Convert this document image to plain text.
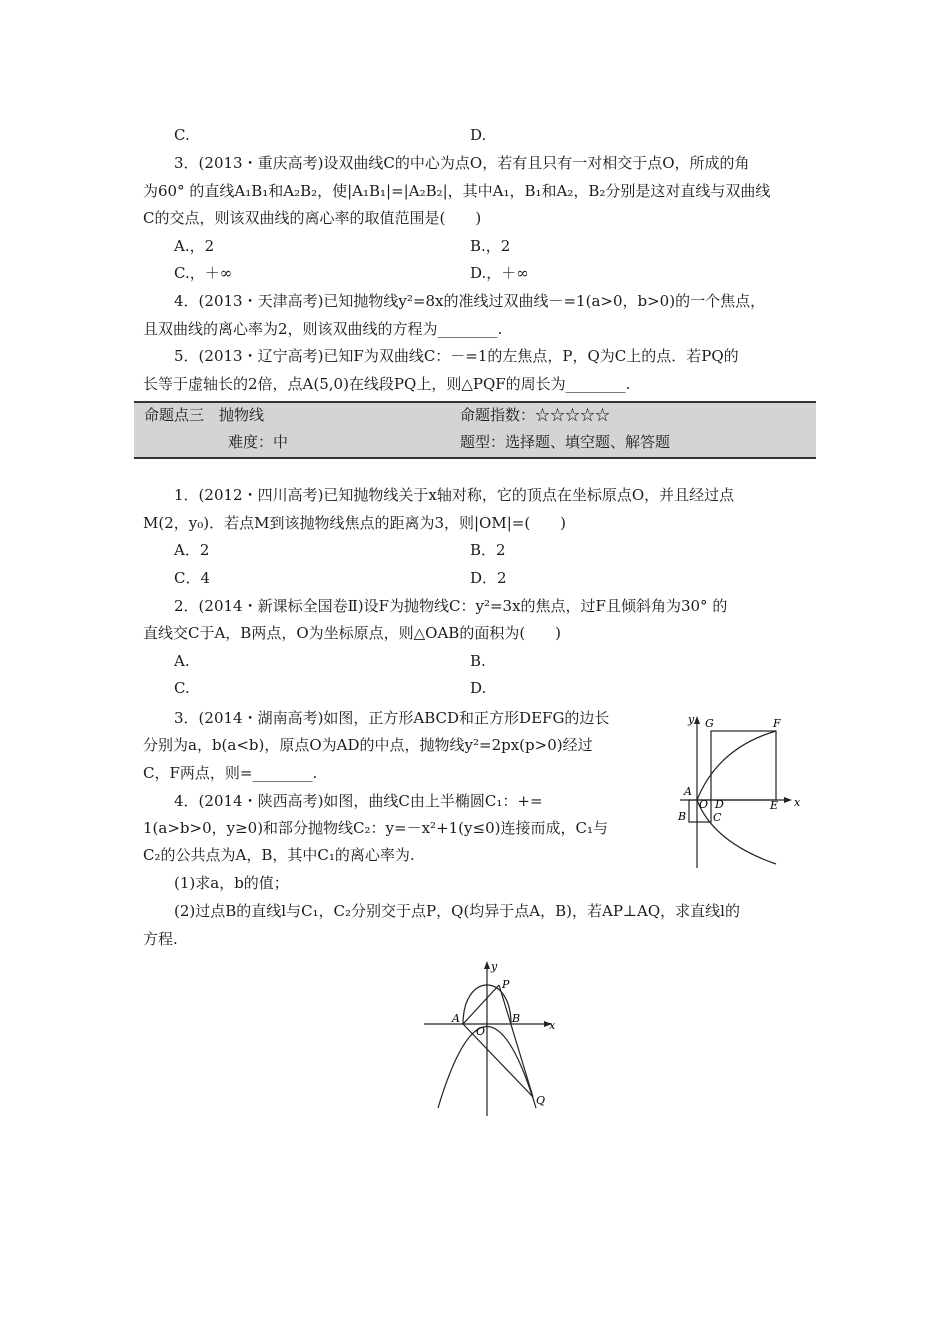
C.	D.
3．(2013・重庆高考)设双曲线C的中心为点O，若有且只有一对相交于点O，所成的角
为60° 的直线A₁B₁和A₂B₂，使|A₁B₁|=|A₂B₂|，其中A₁，B₁和A₂，B₂分别是这对直线与双曲线
C的交点，则该双曲线的离心率的取值范围是(　　)
A.，2	B.，2
C.，＋∞	D.，＋∞
4．(2013・天津高考)已知抛物线y²=8x的准线过双曲线－=1(a>0，b>0)的一个焦点，
且双曲线的离心率为2，则该双曲线的方程为________.
5．(2013・辽宁高考)已知F为双曲线C：－=1的左焦点，P，Q为C上的点．若PQ的
长等于虚轴长的2倍，点A(5,0)在线段PQ上，则△PQF的周长为________.
命题点三　抛物线	命题指数：☆☆☆☆☆
难度：中	题型：选择题、填空题、解答题
1．(2012・四川高考)已知抛物线关于x轴对称，它的顶点在坐标原点O，并且经过点
M(2，y₀)．若点M到该抛物线焦点的距离为3，则|OM|=(　　)
A．2	B．2
C．4	D．2
2．(2014・新课标全国卷Ⅱ)设F为抛物线C：y²=3x的焦点，过F且倾斜角为30° 的
直线交C于A，B两点，O为坐标原点，则△OAB的面积为(　　)
A.	B.
C.	D.
3．(2014・湖南高考)如图，正方形ABCD和正方形DEFG的边长
分别为a，b(a<b)，原点O为AD的中点，抛物线y²=2px(p>0)经过
C，F两点，则=________.
4．(2014・陕西高考)如图，曲线C由上半椭圆C₁：+=
1(a>b>0，y≥0)和部分抛物线C₂：y=－x²+1(y≤0)连接而成，C₁与
C₂的公共点为A，B，其中C₁的离心率为.
(1)求a，b的值；
(2)过点B的直线l与C₁，C₂分别交于点P，Q(均异于点A，B)，若AP⊥AQ，求直线l的
方程.
y G	F
A
O D	E x
B C
y
P
A
O
B
x
Q
